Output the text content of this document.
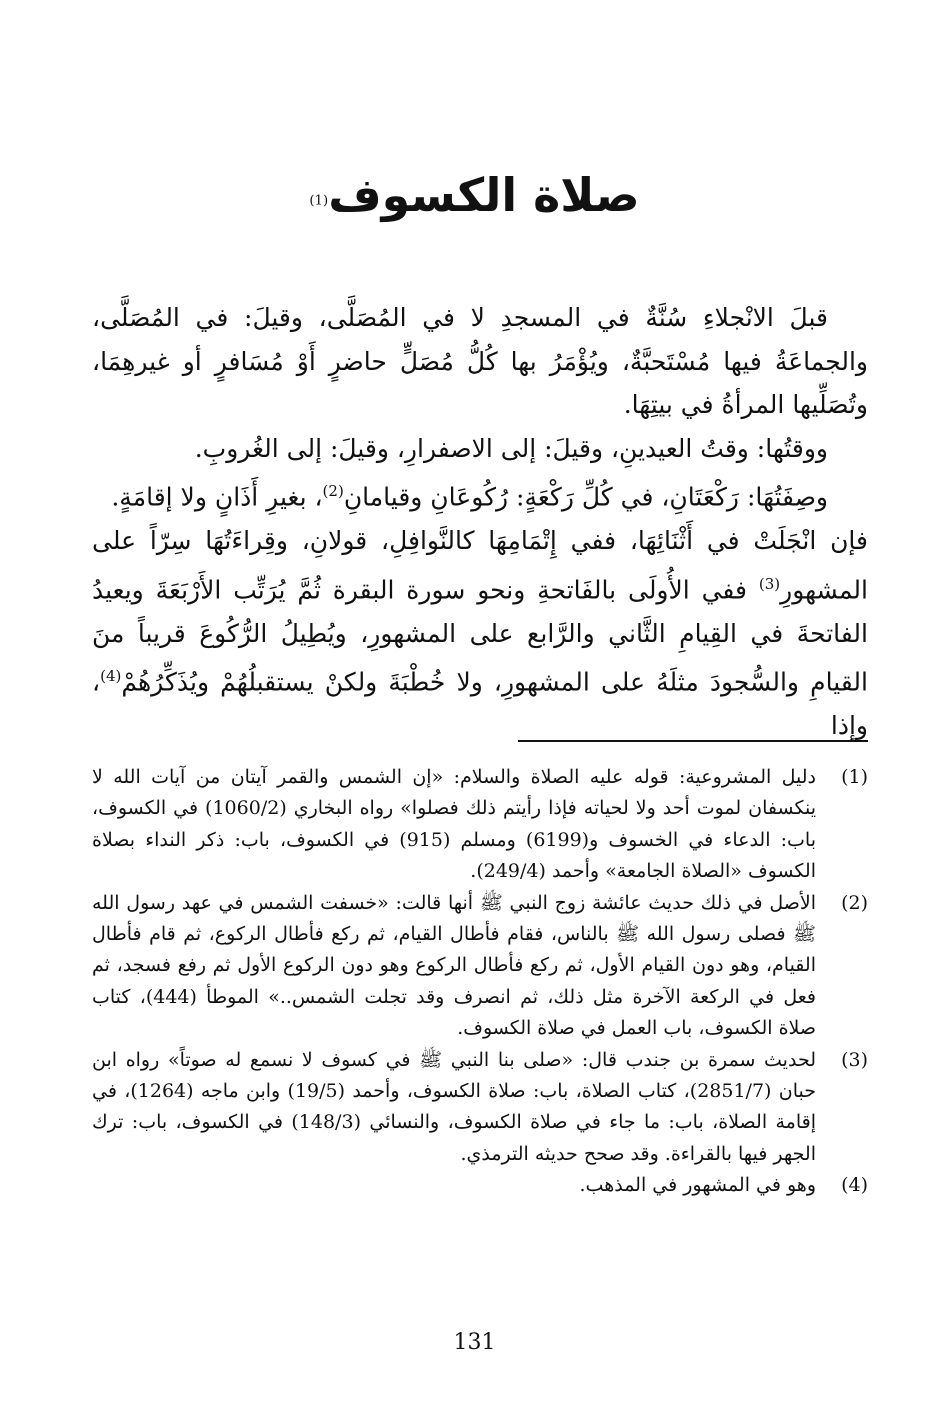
صلاة الكسوف$^{(1)}$

قبلَ الانْجلاءِ سُنَّةٌ في المسجدِ لا في المُصَلَّى، وقيلَ: في المُصَلَّى، والجماعَةُ فيها مُسْتَحبَّةٌ، ويُؤْمَرُ بها كُلُّ مُصَلٍّ حاضرٍ أَوْ مُسَافرٍ أو غيرهِمَا، وتُصَلِّيها المرأةُ في بيتِهَا.

ووقتُها: وقتُ العيدينِ، وقيلَ: إلى الاصفرارِ، وقيلَ: إلى الغُروبِ.

وصِفَتُهَا: رَكْعَتَانِ، في كُلِّ رَكْعَةٍ: رُكُوعَانِ وقيامانِ$^{(2)}$، بغيرِ أَذَانٍ ولا إقامَةٍ.

فإن انْجَلَتْ في أَثْنَائِهَا، ففي إِتْمَامِهَا كالنَّوافِلِ، قولانِ، وقِراءَتُهَا سِرّاً على المشهورِ$^{(3)}$ ففي الأُولَى بالفَاتحةِ ونحو سورة البقرة ثُمَّ يُرَتِّب الأَرْبَعَةَ ويعيدُ الفاتحةَ في القِيامِ الثَّاني والرَّابع على المشهورِ، ويُطِيلُ الرُّكُوعَ قريباً منَ القيامِ والسُّجودَ مثلَهُ على المشهورِ، ولا خُطْبَةَ ولكنْ يستقبلُهُمْ ويُذَكِّرُهُمْ$^{(4)}$، وإذا

(1)
دليل المشروعية: قوله عليه الصلاة والسلام: «إن الشمس والقمر آيتان من آيات الله لا ينكسفان لموت أحد ولا لحياته فإذا رأيتم ذلك فصلوا» رواه البخاري (1060/2) في الكسوف، باب: الدعاء في الخسوف و(6199) ومسلم (915) في الكسوف، باب: ذكر النداء بصلاة الكسوف «الصلاة الجامعة» وأحمد (249/4).
(2)
الأصل في ذلك حديث عائشة زوج النبي ﷺ أنها قالت: «خسفت الشمس في عهد رسول الله ﷺ فصلى رسول الله ﷺ بالناس، فقام فأطال القيام، ثم ركع فأطال الركوع، ثم قام فأطال القيام، وهو دون القيام الأول، ثم ركع فأطال الركوع وهو دون الركوع الأول ثم رفع فسجد، ثم فعل في الركعة الآخرة مثل ذلك، ثم انصرف وقد تجلت الشمس..» الموطأ (444)، كتاب صلاة الكسوف، باب العمل في صلاة الكسوف.
(3)
لحديث سمرة بن جندب قال: «صلى بنا النبي ﷺ في كسوف لا نسمع له صوتاً» رواه ابن حبان (2851/7)، كتاب الصلاة، باب: صلاة الكسوف، وأحمد (19/5) وابن ماجه (1264)، في إقامة الصلاة، باب: ما جاء في صلاة الكسوف، والنسائي (148/3) في الكسوف، باب: ترك الجهر فيها بالقراءة. وقد صحح حديثه الترمذي.
(4)
وهو في المشهور في المذهب.
131
